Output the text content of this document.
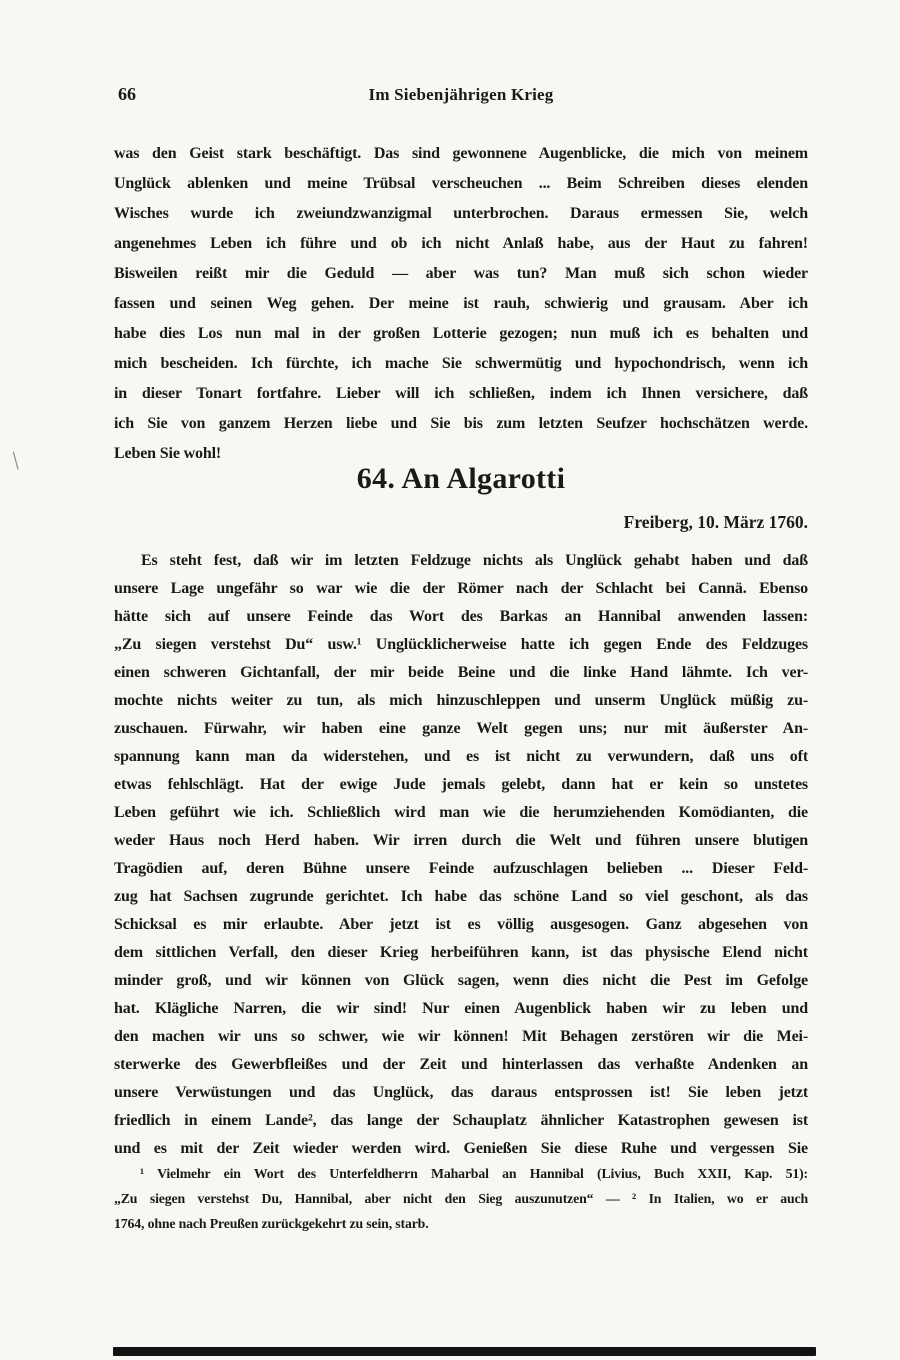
66	Im Siebenjährigen Krieg
\
was den Geist stark beschäftigt. Das sind gewonnene Augenblicke, die mich von meinem
Unglück ablenken und meine Trübsal verscheuchen ... Beim Schreiben dieses elenden
Wisches wurde ich zweiundzwanzigmal unterbrochen. Daraus ermessen Sie, welch
angenehmes Leben ich führe und ob ich nicht Anlaß habe, aus der Haut zu fahren!
Bisweilen reißt mir die Geduld — aber was tun? Man muß sich schon wieder
fassen und seinen Weg gehen. Der meine ist rauh, schwierig und grausam. Aber ich
habe dies Los nun mal in der großen Lotterie gezogen; nun muß ich es behalten und
mich bescheiden. Ich fürchte, ich mache Sie schwermütig und hypochondrisch, wenn ich
in dieser Tonart fortfahre. Lieber will ich schließen, indem ich Ihnen versichere, daß
ich Sie von ganzem Herzen liebe und Sie bis zum letzten Seufzer hochschätzen werde.
Leben Sie wohl!
64. An Algarotti
Freiberg, 10. März 1760.
Es steht fest, daß wir im letzten Feldzuge nichts als Unglück gehabt haben und daß
unsere Lage ungefähr so war wie die der Römer nach der Schlacht bei Cannä. Ebenso
hätte sich auf unsere Feinde das Wort des Barkas an Hannibal anwenden lassen:
„Zu siegen verstehst Du“ usw.¹ Unglücklicherweise hatte ich gegen Ende des Feldzuges
einen schweren Gichtanfall, der mir beide Beine und die linke Hand lähmte. Ich ver-
mochte nichts weiter zu tun, als mich hinzuschleppen und unserm Unglück müßig zu-
zuschauen. Fürwahr, wir haben eine ganze Welt gegen uns; nur mit äußerster An-
spannung kann man da widerstehen, und es ist nicht zu verwundern, daß uns oft
etwas fehlschlägt. Hat der ewige Jude jemals gelebt, dann hat er kein so unstetes
Leben geführt wie ich. Schließlich wird man wie die herumziehenden Komödianten, die
weder Haus noch Herd haben. Wir irren durch die Welt und führen unsere blutigen
Tragödien auf, deren Bühne unsere Feinde aufzuschlagen belieben ... Dieser Feld-
zug hat Sachsen zugrunde gerichtet. Ich habe das schöne Land so viel geschont, als das
Schicksal es mir erlaubte. Aber jetzt ist es völlig ausgesogen. Ganz abgesehen von
dem sittlichen Verfall, den dieser Krieg herbeiführen kann, ist das physische Elend nicht
minder groß, und wir können von Glück sagen, wenn dies nicht die Pest im Gefolge
hat. Klägliche Narren, die wir sind! Nur einen Augenblick haben wir zu leben und
den machen wir uns so schwer, wie wir können! Mit Behagen zerstören wir die Mei-
sterwerke des Gewerbfleißes und der Zeit und hinterlassen das verhaßte Andenken an
unsere Verwüstungen und das Unglück, das daraus entsprossen ist! Sie leben jetzt
friedlich in einem Lande², das lange der Schauplatz ähnlicher Katastrophen gewesen ist
und es mit der Zeit wieder werden wird. Genießen Sie diese Ruhe und vergessen Sie
¹ Vielmehr ein Wort des Unterfeldherrn Maharbal an Hannibal (Livius, Buch XXII, Kap. 51):
„Zu siegen verstehst Du, Hannibal, aber nicht den Sieg auszunutzen“ — ² In Italien, wo er auch
1764, ohne nach Preußen zurückgekehrt zu sein, starb.
